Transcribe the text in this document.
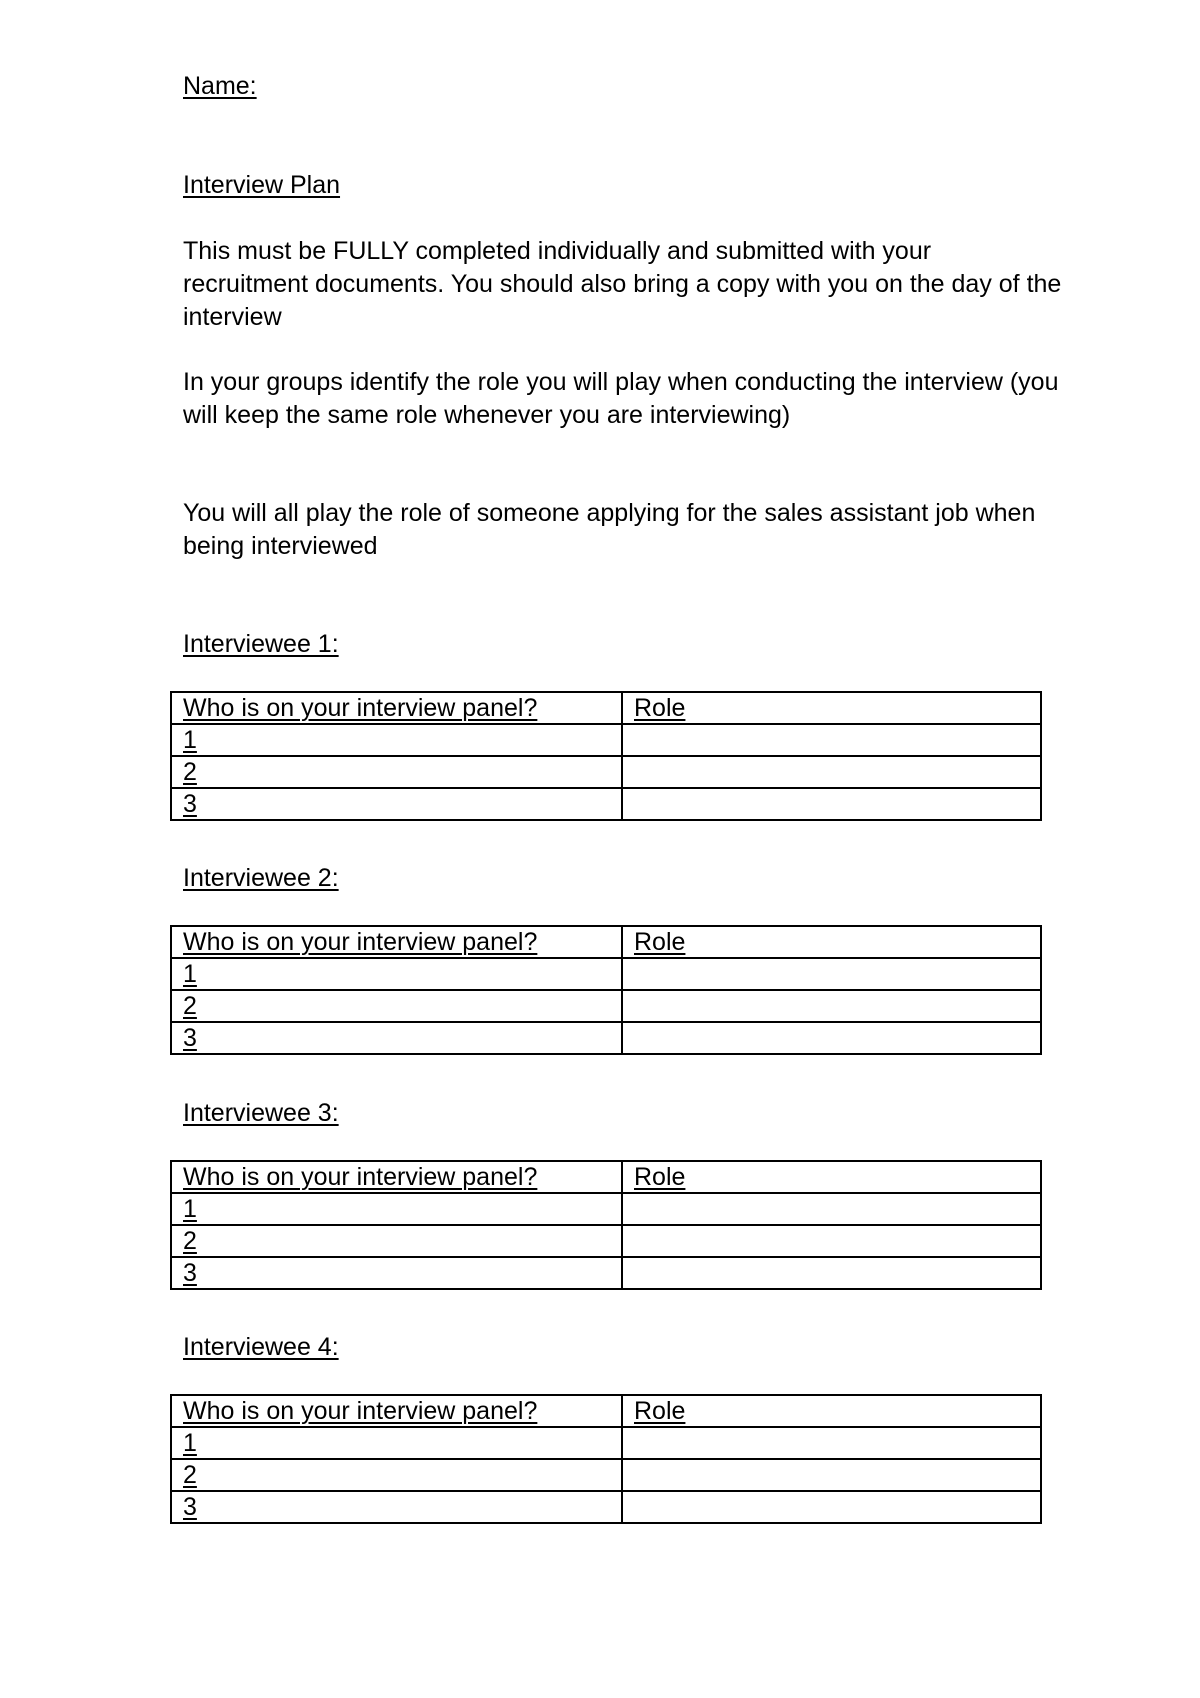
Name:
Interview Plan

This must be FULLY completed individually and submitted with your recruitment documents. You should also bring a copy with you on the day of the interview

In your groups identify the role you will play when conducting the interview (you will keep the same role whenever you are interviewing)

You will all play the role of someone applying for the sales assistant job when being interviewed

Interviewee 1:
Who is on your interview panel?	Role
1	
2	
3	
Interviewee 2:
Who is on your interview panel?	Role
1	
2	
3	
Interviewee 3:
Who is on your interview panel?	Role
1	
2	
3	
Interviewee 4:
Who is on your interview panel?	Role
1	
2	
3	
